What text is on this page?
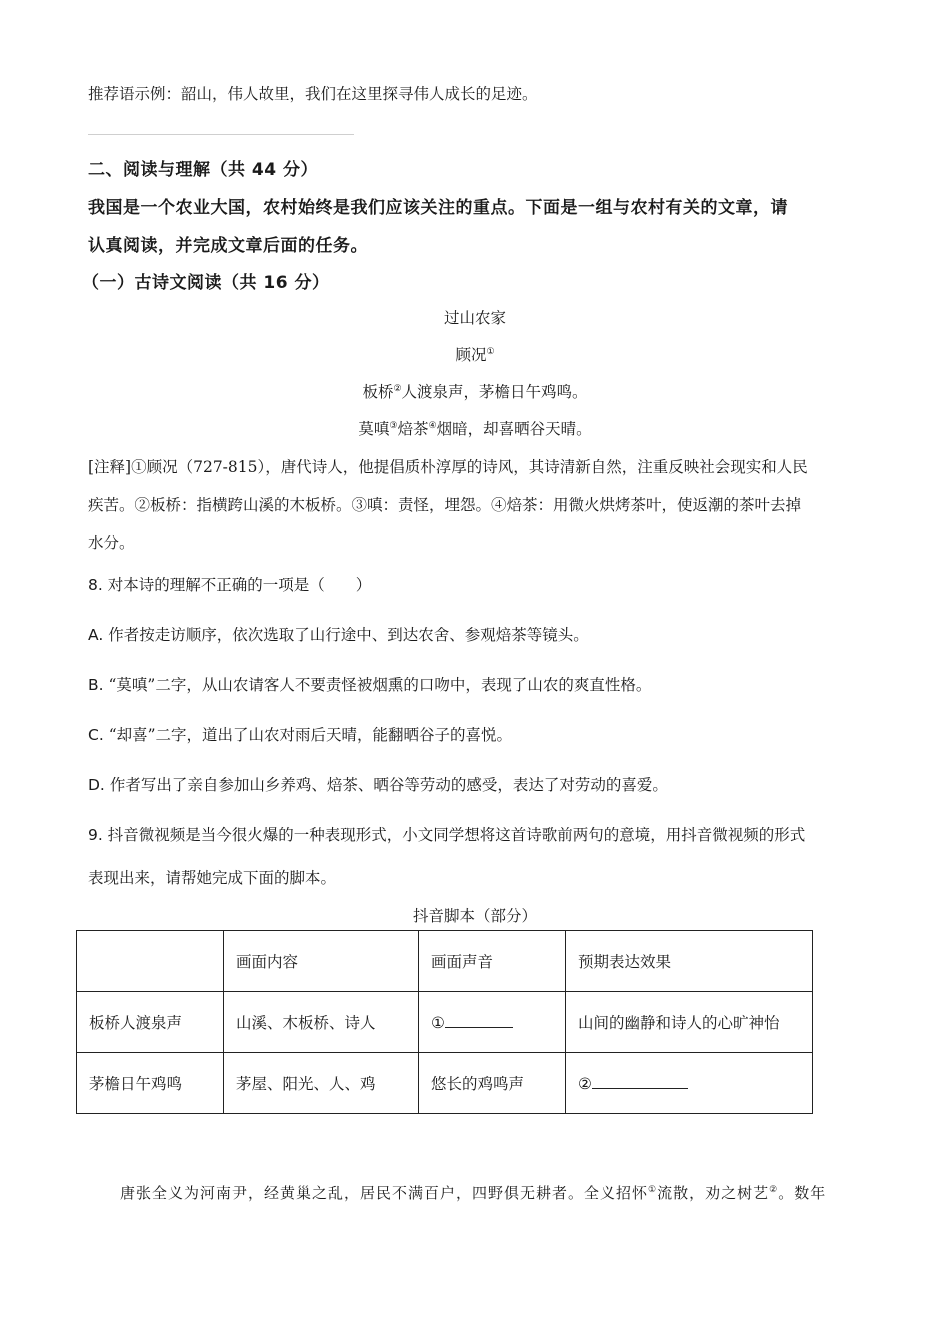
推荐语示例：韶山，伟人故里，我们在这里探寻伟人成长的足迹。
二、阅读与理解（共 44 分）
我国是一个农业大国，农村始终是我们应该关注的重点。下面是一组与农村有关的文章，请
认真阅读，并完成文章后面的任务。
（一）古诗文阅读（共 16 分）
过山农家
顾况①
板桥②人渡泉声，茅檐日午鸡鸣。
莫嗔③焙茶④烟暗，却喜晒谷天晴。
[注释]①顾况（727-815），唐代诗人，他提倡质朴淳厚的诗风，其诗清新自然，注重反映社会现实和人民
疾苦。②板桥：指横跨山溪的木板桥。③嗔：责怪，埋怨。④焙茶：用微火烘烤茶叶，使返潮的茶叶去掉
水分。
8. 对本诗的理解不正确的一项是（　　）
A. 作者按走访顺序，依次选取了山行途中、到达农舍、参观焙茶等镜头。
B. “莫嗔”二字，从山农请客人不要责怪被烟熏的口吻中，表现了山农的爽直性格。
C. “却喜”二字，道出了山农对雨后天晴，能翻晒谷子的喜悦。
D. 作者写出了亲自参加山乡养鸡、焙茶、晒谷等劳动的感受，表达了对劳动的喜爱。
9. 抖音微视频是当今很火爆的一种表现形式，小文同学想将这首诗歌前两句的意境，用抖音微视频的形式
表现出来，请帮她完成下面的脚本。
抖音脚本（部分）
	画面内容	画面声音	预期表达效果
板桥人渡泉声	山溪、木板桥、诗人	①	山间的幽静和诗人的心旷神怡
茅檐日午鸡鸣	茅屋、阳光、人、鸡	悠长的鸡鸣声	②
唐张全义为河南尹，经黄巢之乱，居民不满百户，四野俱无耕者。全义招怀①流散，劝之树艺②。数年
